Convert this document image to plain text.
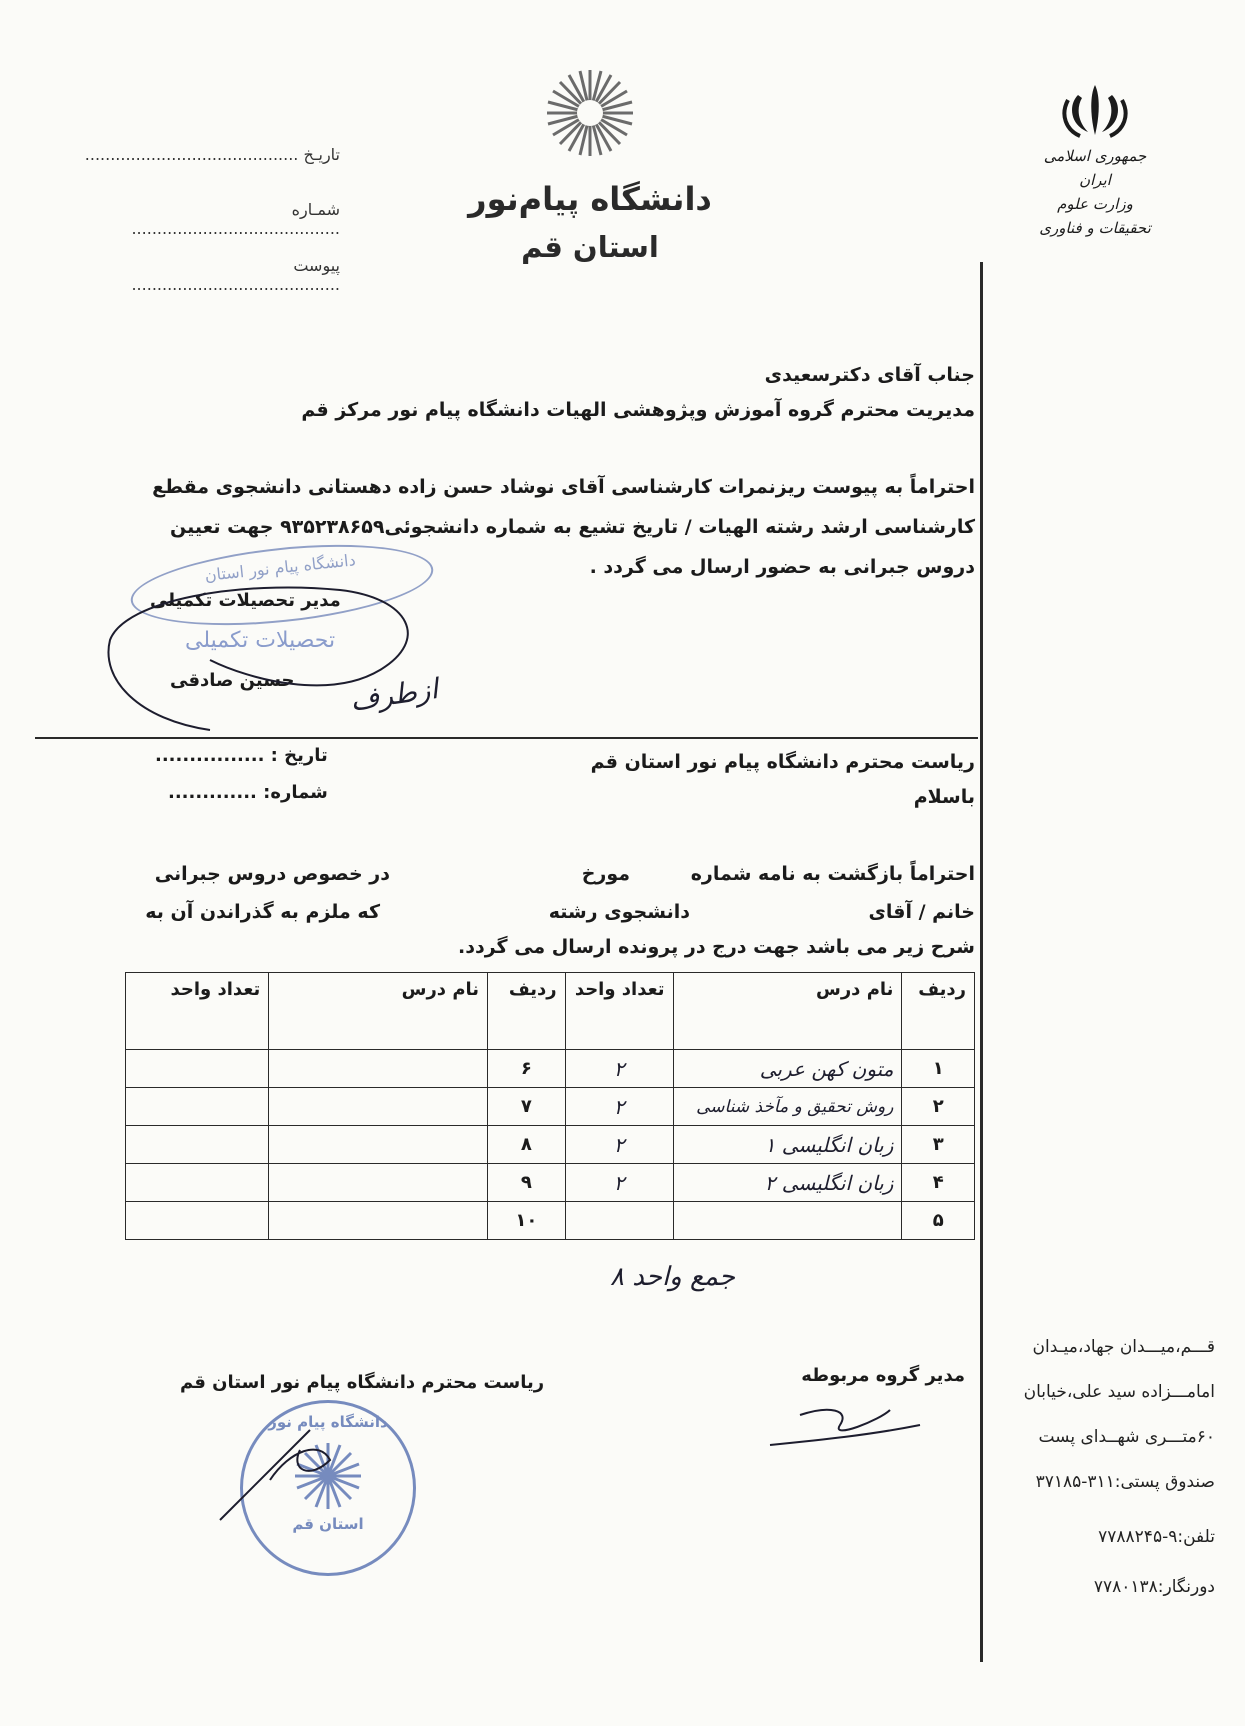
جمهوری اسلامی ایران
وزارت علوم تحقیقات و فناوری
دانشگاه پیام‌نور
استان قم
تاریـخ ..........................................
شمـاره .........................................
پیوست .........................................
جناب آقای دکترسعیدی
مدیریت محترم گروه آموزش وپژوهشی الهیات دانشگاه پیام نور مرکز قم
احتراماً به پیوست ریزنمرات کارشناسی آقای نوشاد حسن زاده دهستانی دانشجوی مقطع
کارشناسی ارشد رشته الهیات / تاریخ تشیع به شماره دانشجوئی۹۳۵۲۳۸۶۵۹ جهت تعیین
دروس جبرانی به حضور ارسال می گردد .
دانشگاه پیام نور استان
مدیر تحصیلات تکمیلی
تحصیلات تکمیلی
حسین صادقی ازطرف
ریاست محترم دانشگاه پیام نور استان قم
باسلام
تاریخ : ................
شماره: .............
احتراماً بازگشت به نامه شماره
مورخ
در خصوص دروس جبرانی
خانم / آقای
دانشجوی رشته
که ملزم به گذراندن آن به
شرح زیر می باشد جهت درج در پرونده ارسال می گردد.
ردیف	نام درس	تعداد واحد	ردیف	نام درس	تعداد واحد
۱	متون کهن عربی	۲	۶		
۲	روش تحقیق و مآخذ شناسی	۲	۷		
۳	زبان انگلیسی ۱	۲	۸		
۴	زبان انگلیسی ۲	۲	۹		
۵			۱۰		
جمع واحد ۸
ریاست محترم دانشگاه پیام نور استان قم	مدیر گروه مربوطه
دانشگاه پیام نور
استان قم
قـــم،میـــدان جهاد،میـدان
امامـــزاده سید علی،خیابان
۶۰متـــری شهــدای پست
صندوق پستی:۳۱۱-۳۷۱۸۵
تلفن:۹-۷۷۸۸۲۴۵
دورنگار:۷۷۸۰۱۳۸
